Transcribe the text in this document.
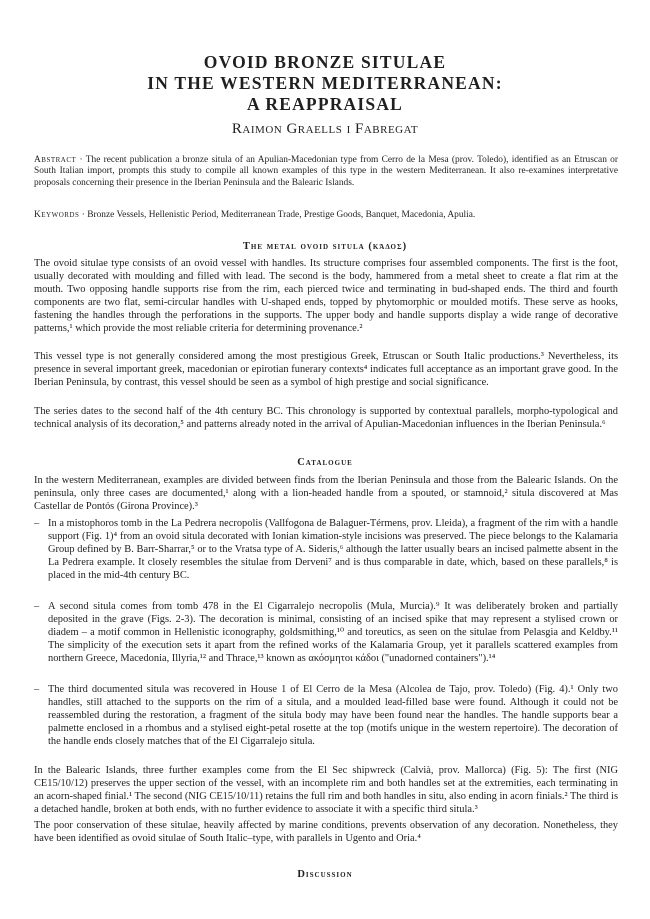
OVOID BRONZE SITULAE
IN THE WESTERN MEDITERRANEAN:
A REAPPRAISAL

Raimon Graells i Fabregat

Abstract · The recent publication a bronze situla of an Apulian-Macedonian type from Cerro de la Mesa (prov. Toledo), identified as an Etruscan or South Italian import, prompts this study to compile all known examples of this type in the western Mediterranean. It also re-examines interpretative proposals concerning their presence in the Iberian Peninsula and the Balearic Islands.

Keywords · Bronze Vessels, Hellenistic Period, Mediterranean Trade, Prestige Goods, Banquet, Macedonia, Apulia.

The metal ovoid situla (κάδος)

The ovoid situlae type consists of an ovoid vessel with handles. Its structure comprises four assembled components. The first is the foot, usually decorated with moulding and filled with lead. The second is the body, hammered from a metal sheet to create a flat rim at the mouth. Two opposing handle supports rise from the rim, each pierced twice and terminating in bud-shaped ends. The third and fourth components are two flat, semi-circular handles with U-shaped ends, topped by phytomorphic or moulded motifs. These serve as hooks, fastening the handles through the perforations in the supports. The upper body and handle supports display a wide range of decorative patterns,¹ which provide the most reliable criteria for determining provenance.²

This vessel type is not generally considered among the most prestigious Greek, Etruscan or South Italic productions.³ Nevertheless, its presence in several important greek, macedonian or epirotian funerary contexts⁴ indicates full acceptance as an important grave good. In the Iberian Peninsula, by contrast, this vessel should be seen as a symbol of high prestige and social significance.

The series dates to the second half of the 4th century BC. This chronology is supported by contextual parallels, morpho-typological and technical analysis of its decoration,⁵ and patterns already noted in the arrival of Apulian-Macedonian influences in the Iberian Peninsula.⁶

Catalogue

In the western Mediterranean, examples are divided between finds from the Iberian Peninsula and those from the Balearic Islands. On the peninsula, only three cases are documented,¹ along with a lion-headed handle from a spouted, or stamnoid,² situla discovered at Mas Castellar de Pontós (Girona Province).³

– In a mistophoros tomb in the La Pedrera necropolis (Vallfogona de Balaguer-Térmens, prov. Lleida), a fragment of the rim with a handle support (Fig. 1)⁴ from an ovoid situla decorated with Ionian kimation-style incisions was preserved. The piece belongs to the Kalamaria Group defined by B. Barr-Sharrar,⁵ or to the Vratsa type of A. Sideris,⁶ although the latter usually bears an incised palmette absent in the La Pedrera example. It closely resembles the situlae from Derveni⁷ and is thus comparable in date, which, based on these parallels,⁸ is placed in the mid-4th century BC.
– A second situla comes from tomb 478 in the El Cigarralejo necropolis (Mula, Murcia).⁹ It was deliberately broken and partially deposited in the grave (Figs. 2-3). The decoration is minimal, consisting of an incised spike that may represent a stylised crown or diadem – a motif common in Hellenistic iconography, goldsmithing,¹⁰ and toreutics, as seen on the situlae from Pelasgia and Keldby.¹¹ The simplicity of the execution sets it apart from the refined works of the Kalamaria Group, yet it parallels scattered examples from northern Greece, Macedonia, Illyria,¹² and Thrace,¹³ known as ακόσμητοι κάδοι ("unadorned containers").¹⁴
– The third documented situla was recovered in House 1 of El Cerro de la Mesa (Alcolea de Tajo, prov. Toledo) (Fig. 4).¹ Only two handles, still attached to the supports on the rim of a situla, and a moulded lead-filled base were found. Although it could not be reassembled during the restoration, a fragment of the situla body may have been found near the handles. The handle supports bear a palmette enclosed in a rhombus and a stylised eight-petal rosette at the top (motifs unique in the western repertoire). The decoration of the handle ends closely matches that of the El Cigarralejo situla.

In the Balearic Islands, three further examples come from the El Sec shipwreck (Calvià, prov. Mallorca) (Fig. 5): The first (NIG CE15/10/12) preserves the upper section of the vessel, with an incomplete rim and both handles set at the extremities, each terminating in an acorn-shaped finial.¹ The second (NIG CE15/10/11) retains the full rim and both handles in situ, also ending in acorn finials.² The third is a detached handle, broken at both ends, with no further evidence to associate it with a specific third situla.³

The poor conservation of these situlae, heavily affected by marine conditions, prevents observation of any decoration. Nonetheless, they have been identified as ovoid situlae of South Italic–type, with parallels in Ugento and Oria.⁴

Discussion
